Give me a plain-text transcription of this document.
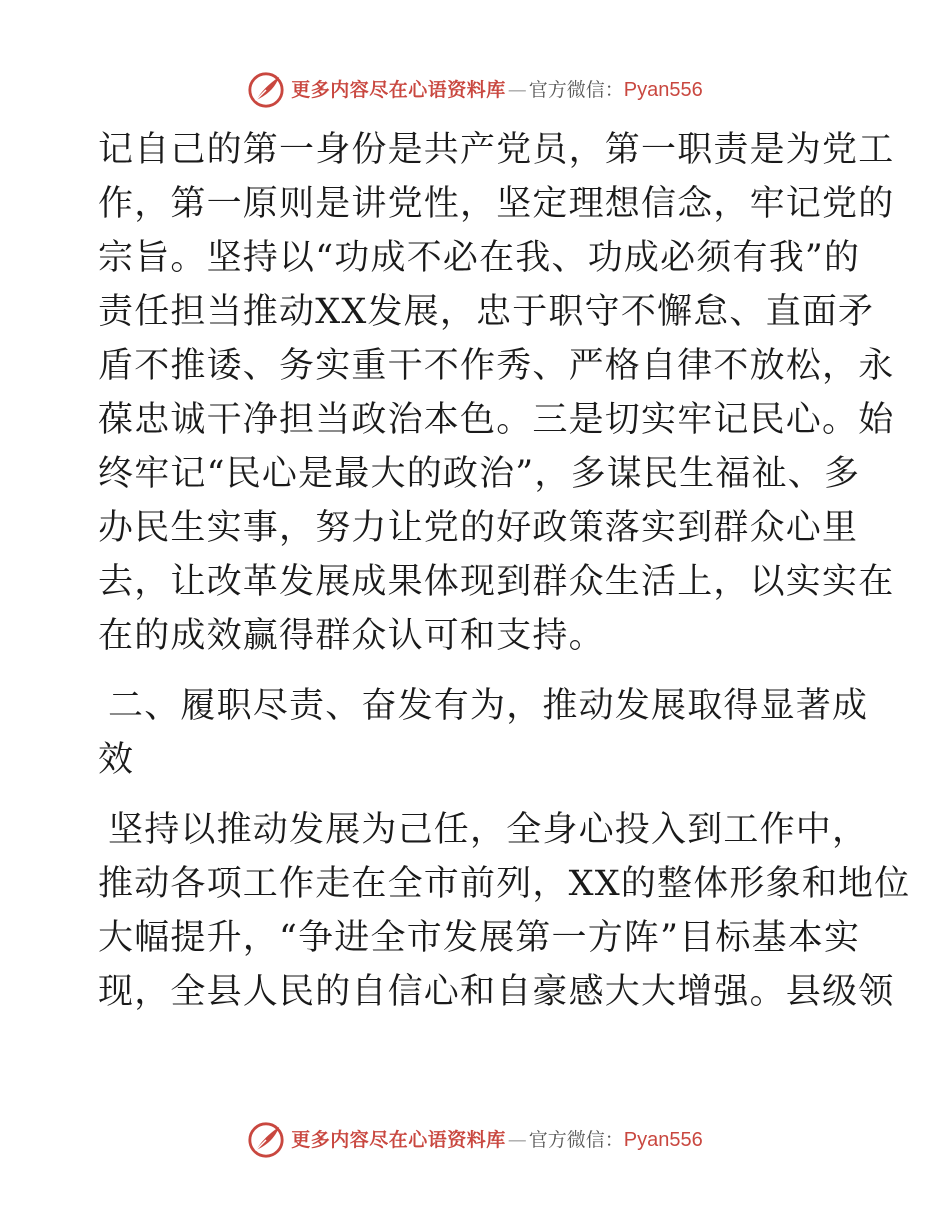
更多内容尽在心语资料库 — 官方微信： Pyan556
记自己的第一身份是共产党员，第一职责是为党工
作，第一原则是讲党性，坚定理想信念，牢记党的
宗旨。坚持以“功成不必在我、功成必须有我”的
责任担当推动XX发展，忠于职守不懈怠、直面矛
盾不推诿、务实重干不作秀、严格自律不放松，永
葆忠诚干净担当政治本色。三是切实牢记民心。始
终牢记“民心是最大的政治”，多谋民生福祉、多
办民生实事，努力让党的好政策落实到群众心里
去，让改革发展成果体现到群众生活上，以实实在
在的成效赢得群众认可和支持。
二、履职尽责、奋发有为，推动发展取得显著成
效
坚持以推动发展为己任，全身心投入到工作中，
推动各项工作走在全市前列，XX的整体形象和地位
大幅提升，“争进全市发展第一方阵”目标基本实
现，全县人民的自信心和自豪感大大增强。县级领
更多内容尽在心语资料库 — 官方微信： Pyan556
